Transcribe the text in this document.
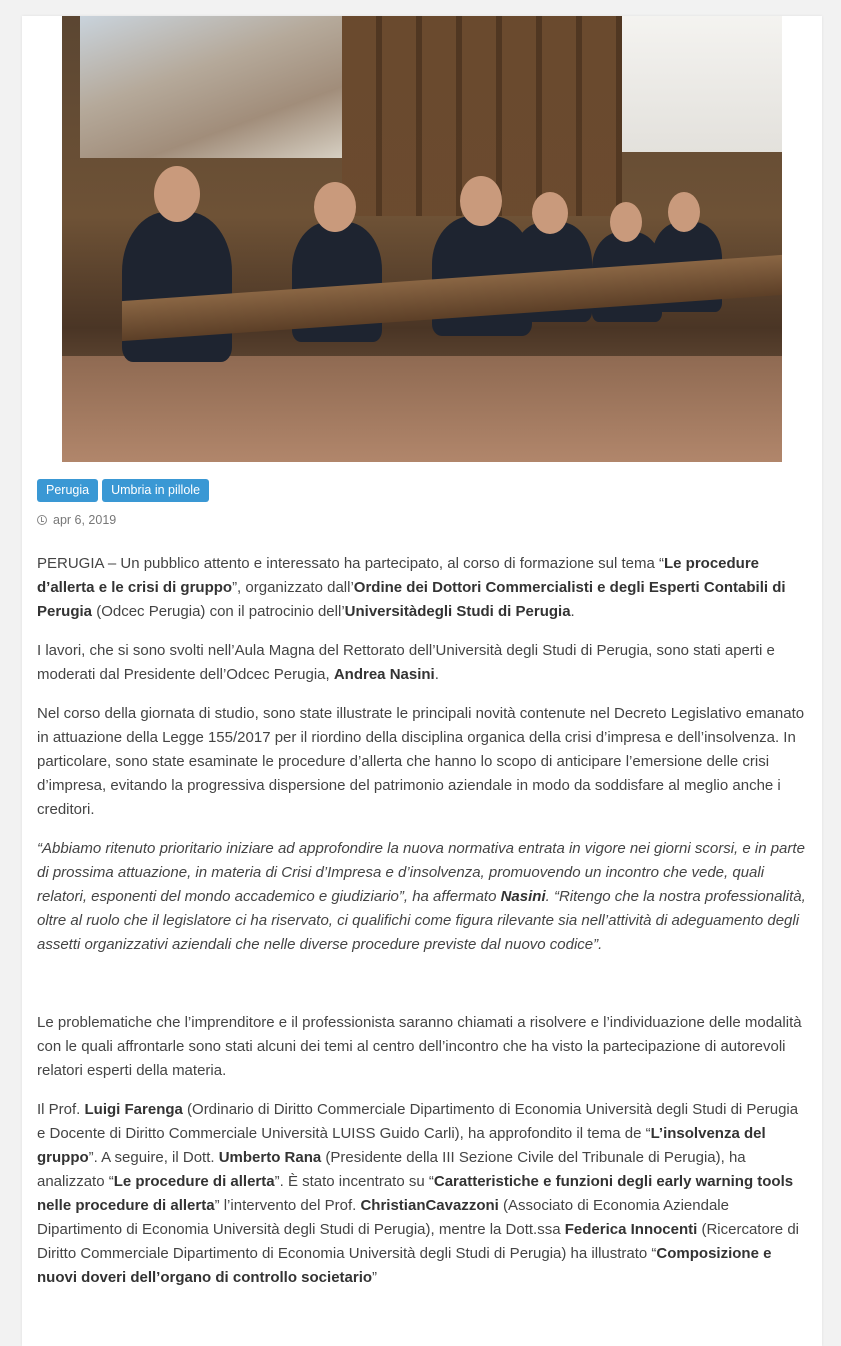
Perugia	Umbria in pillole
apr 6, 2019

PERUGIA – Un pubblico attento e interessato ha partecipato, al corso di formazione sul tema “Le procedure d’allerta e le crisi di gruppo”, organizzato dall’Ordine dei Dottori Commercialisti e degli Esperti Contabili di Perugia (Odcec Perugia) con il patrocinio dell’Universitàdegli Studi di Perugia.

I lavori, che si sono svolti nell’Aula Magna del Rettorato dell’Università degli Studi di Perugia, sono stati aperti e moderati dal Presidente dell’Odcec Perugia, Andrea Nasini.

Nel corso della giornata di studio, sono state illustrate le principali novità contenute nel Decreto Legislativo emanato in attuazione della Legge 155/2017 per il riordino della disciplina organica della crisi d’impresa e dell’insolvenza. In particolare, sono state esaminate le procedure d’allerta che hanno lo scopo di anticipare l’emersione delle crisi d’impresa, evitando la progressiva dispersione del patrimonio aziendale in modo da soddisfare al meglio anche i creditori.

“Abbiamo ritenuto prioritario iniziare ad approfondire la nuova normativa entrata in vigore nei giorni scorsi, e in parte di prossima attuazione, in materia di Crisi d’Impresa e d’insolvenza, promuovendo un incontro che vede, quali relatori, esponenti del mondo accademico e giudiziario”, ha affermato Nasini. “Ritengo che la nostra professionalità, oltre al ruolo che il legislatore ci ha riservato, ci qualifichi come figura rilevante sia nell’attività di adeguamento degli assetti organizzativi aziendali che nelle diverse procedure previste dal nuovo codice”.

Le problematiche che l’imprenditore e il professionista saranno chiamati a risolvere e l’individuazione delle modalità con le quali affrontarle sono stati alcuni dei temi al centro dell’incontro che ha visto la partecipazione di autorevoli relatori esperti della materia.

Il Prof. Luigi Farenga (Ordinario di Diritto Commerciale Dipartimento di Economia Università degli Studi di Perugia e Docente di Diritto Commerciale Università LUISS Guido Carli), ha approfondito il tema de “L’insolvenza del gruppo”. A seguire, il Dott. Umberto Rana (Presidente della III Sezione Civile del Tribunale di Perugia), ha analizzato “Le procedure di allerta”. È stato incentrato su “Caratteristiche e funzioni degli early warning tools nelle procedure di allerta” l’intervento del Prof. ChristianCavazzoni (Associato di Economia Aziendale Dipartimento di Economia Università degli Studi di Perugia), mentre la Dott.ssa Federica Innocenti (Ricercatore di Diritto Commerciale Dipartimento di Economia Università degli Studi di Perugia) ha illustrato “Composizione e nuovi doveri dell’organo di controllo societario”
